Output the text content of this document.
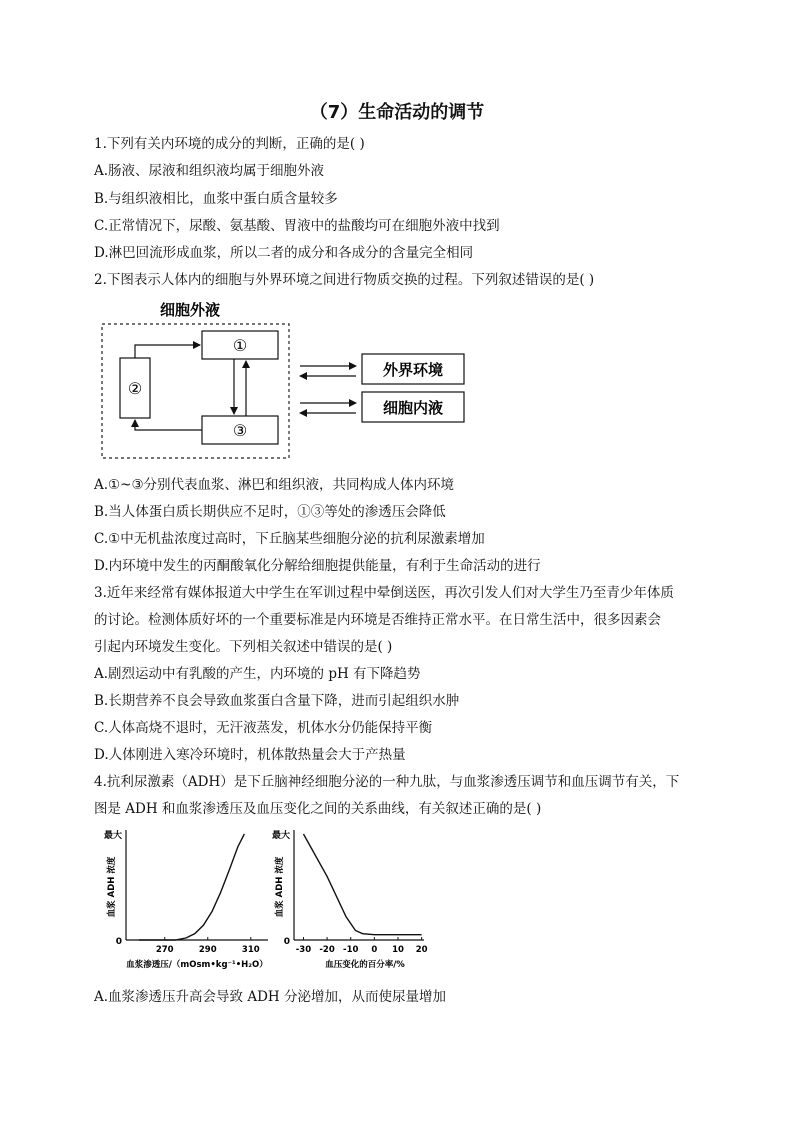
（7）生命活动的调节
1.下列有关内环境的成分的判断，正确的是( )
A.肠液、尿液和组织液均属于细胞外液
B.与组织液相比，血浆中蛋白质含量较多
C.正常情况下，尿酸、氨基酸、胃液中的盐酸均可在细胞外液中找到
D.淋巴回流形成血浆，所以二者的成分和各成分的含量完全相同
2.下图表示人体内的细胞与外界环境之间进行物质交换的过程。下列叙述错误的是( )
细胞外液
①
②
③
外界环境
细胞内液
A.①~③分别代表血浆、淋巴和组织液，共同构成人体内环境
B.当人体蛋白质长期供应不足时，①③等处的渗透压会降低
C.①中无机盐浓度过高时，下丘脑某些细胞分泌的抗利尿激素增加
D.内环境中发生的丙酮酸氧化分解给细胞提供能量，有利于生命活动的进行
3.近年来经常有媒体报道大中学生在军训过程中晕倒送医，再次引发人们对大学生乃至青少年体质
的讨论。检测体质好坏的一个重要标准是内环境是否维持正常水平。在日常生活中，很多因素会
引起内环境发生变化。下列相关叙述中错误的是( )
A.剧烈运动中有乳酸的产生，内环境的 pH 有下降趋势
B.长期营养不良会导致血浆蛋白含量下降，进而引起组织水肿
C.人体高烧不退时，无汗液蒸发，机体水分仍能保持平衡
D.人体刚进入寒冷环境时，机体散热量会大于产热量
4.抗利尿激素（ADH）是下丘脑神经细胞分泌的一种九肽，与血浆渗透压调节和血压调节有关，下
图是 ADH 和血浆渗透压及血压变化之间的关系曲线，有关叙述正确的是( )
最大
0
血浆 ADH 浓度
270	290	310
血浆渗透压/（mOsm•kg⁻¹•H₂O）
最大
0
血浆 ADH 浓度
-30 -20 -10 0 10 20
血压变化的百分率/%
A.血浆渗透压升高会导致 ADH 分泌增加，从而使尿量增加
